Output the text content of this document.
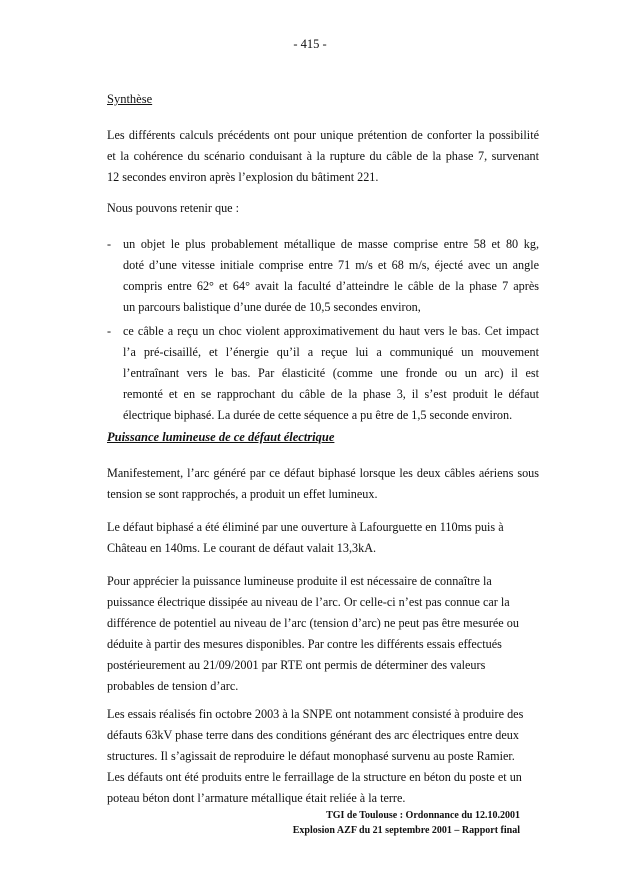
- 415 -
Synthèse
Les différents calculs précédents ont pour unique prétention de conforter la possibilité
et la cohérence du scénario conduisant à la rupture du câble de la phase 7, survenant
12 secondes environ après l’explosion du bâtiment 221.
Nous pouvons retenir que :
- un objet le plus probablement métallique de masse comprise entre 58 et 80 kg,
doté d’une vitesse initiale comprise entre 71 m/s et 68 m/s, éjecté avec un angle
compris entre 62° et 64° avait la faculté d’atteindre le câble de la phase 7 après
un parcours balistique d’une durée de 10,5 secondes environ,
- ce câble a reçu un choc violent approximativement du haut vers le bas. Cet impact
l’a pré-cisaillé, et l’énergie qu’il a reçue lui a communiqué un mouvement
l’entraînant vers le bas. Par élasticité (comme une fronde ou un arc) il est
remonté et en se rapprochant du câble de la phase 3, il s’est produit le défaut
électrique biphasé. La durée de cette séquence a pu être de 1,5 seconde environ.
Puissance lumineuse de ce défaut électrique
Manifestement, l’arc généré par ce défaut biphasé lorsque les deux câbles aériens sous
tension se sont rapprochés, a produit un effet lumineux.
Le défaut biphasé a été éliminé par une ouverture à Lafourguette en 110ms puis à
Château en 140ms. Le courant de défaut valait 13,3kA.
Pour apprécier la puissance lumineuse produite il est nécessaire de connaître la
puissance électrique dissipée au niveau de l’arc. Or celle-ci n’est pas connue car la
différence de potentiel au niveau de l’arc (tension d’arc) ne peut pas être mesurée ou
déduite à partir des mesures disponibles. Par contre les différents essais effectués
postérieurement au 21/09/2001 par RTE ont permis de déterminer des valeurs
probables de tension d’arc.
Les essais réalisés fin octobre 2003 à la SNPE ont notamment consisté à produire des
défauts 63kV phase terre dans des conditions générant des arc électriques entre deux
structures. Il s’agissait de reproduire le défaut monophasé survenu au poste Ramier.
Les défauts ont été produits entre le ferraillage de la structure en béton du poste et un
poteau béton dont l’armature métallique était reliée à la terre.
TGI de Toulouse : Ordonnance du 12.10.2001
Explosion AZF du 21 septembre 2001 – Rapport final
